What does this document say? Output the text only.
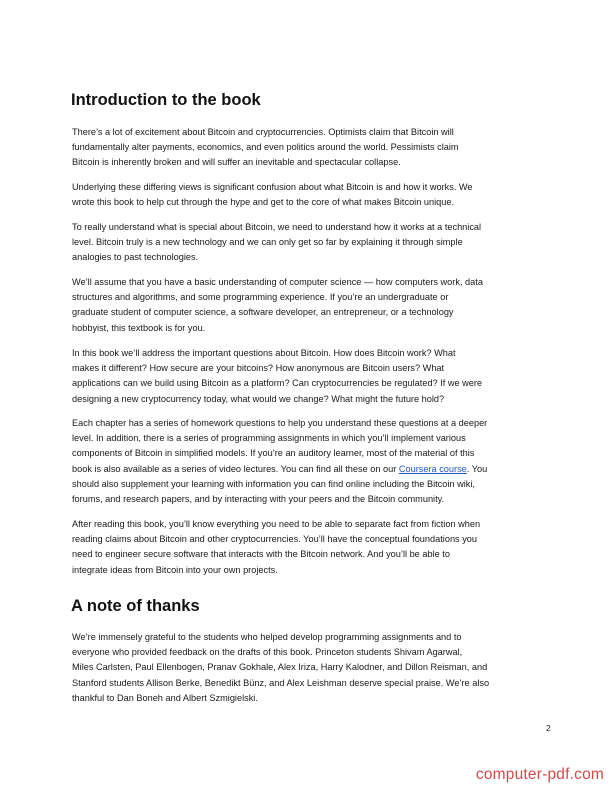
Introduction to the book

There’s a lot of excitement about Bitcoin and cryptocurrencies. Optimists claim that Bitcoin will
fundamentally alter payments, economics, and even politics around the world. Pessimists claim
Bitcoin is inherently broken and will suffer an inevitable and spectacular collapse.

Underlying these differing views is significant confusion about what Bitcoin is and how it works. We
wrote this book to help cut through the hype and get to the core of what makes Bitcoin unique.

To really understand what is special about Bitcoin, we need to understand how it works at a technical
level. Bitcoin truly is a new technology and we can only get so far by explaining it through simple
analogies to past technologies.

We’ll assume that you have a basic understanding of computer science — how computers work, data
structures and algorithms, and some programming experience. If you’re an undergraduate or
graduate student of computer science, a software developer, an entrepreneur, or a technology
hobbyist, this textbook is for you.

In this book we’ll address the important questions about Bitcoin. How does Bitcoin work? What
makes it different? How secure are your bitcoins? How anonymous are Bitcoin users? What
applications can we build using Bitcoin as a platform? Can cryptocurrencies be regulated? If we were
designing a new cryptocurrency today, what would we change? What might the future hold?

Each chapter has a series of homework questions to help you understand these questions at a deeper
level. In addition, there is a series of programming assignments in which you’ll implement various
components of Bitcoin in simplified models. If you’re an auditory learner, most of the material of this
book is also available as a series of video lectures. You can find all these on our Coursera course. You
should also supplement your learning with information you can find online including the Bitcoin wiki,
forums, and research papers, and by interacting with your peers and the Bitcoin community.

After reading this book, you’ll know everything you need to be able to separate fact from fiction when
reading claims about Bitcoin and other cryptocurrencies. You’ll have the conceptual foundations you
need to engineer secure software that interacts with the Bitcoin network. And you’ll be able to
integrate ideas from Bitcoin into your own projects.

A note of thanks

We’re immensely grateful to the students who helped develop programming assignments and to
everyone who provided feedback on the drafts of this book. Princeton students Shivam Agarwal,
Miles Carlsten, Paul Ellenbogen, Pranav Gokhale, Alex Iriza, Harry Kalodner, and Dillon Reisman, and
Stanford students Allison Berke, Benedikt Bünz, and Alex Leishman deserve special praise. We’re also
thankful to Dan Boneh and Albert Szmigielski.

2
computer-pdf.com
